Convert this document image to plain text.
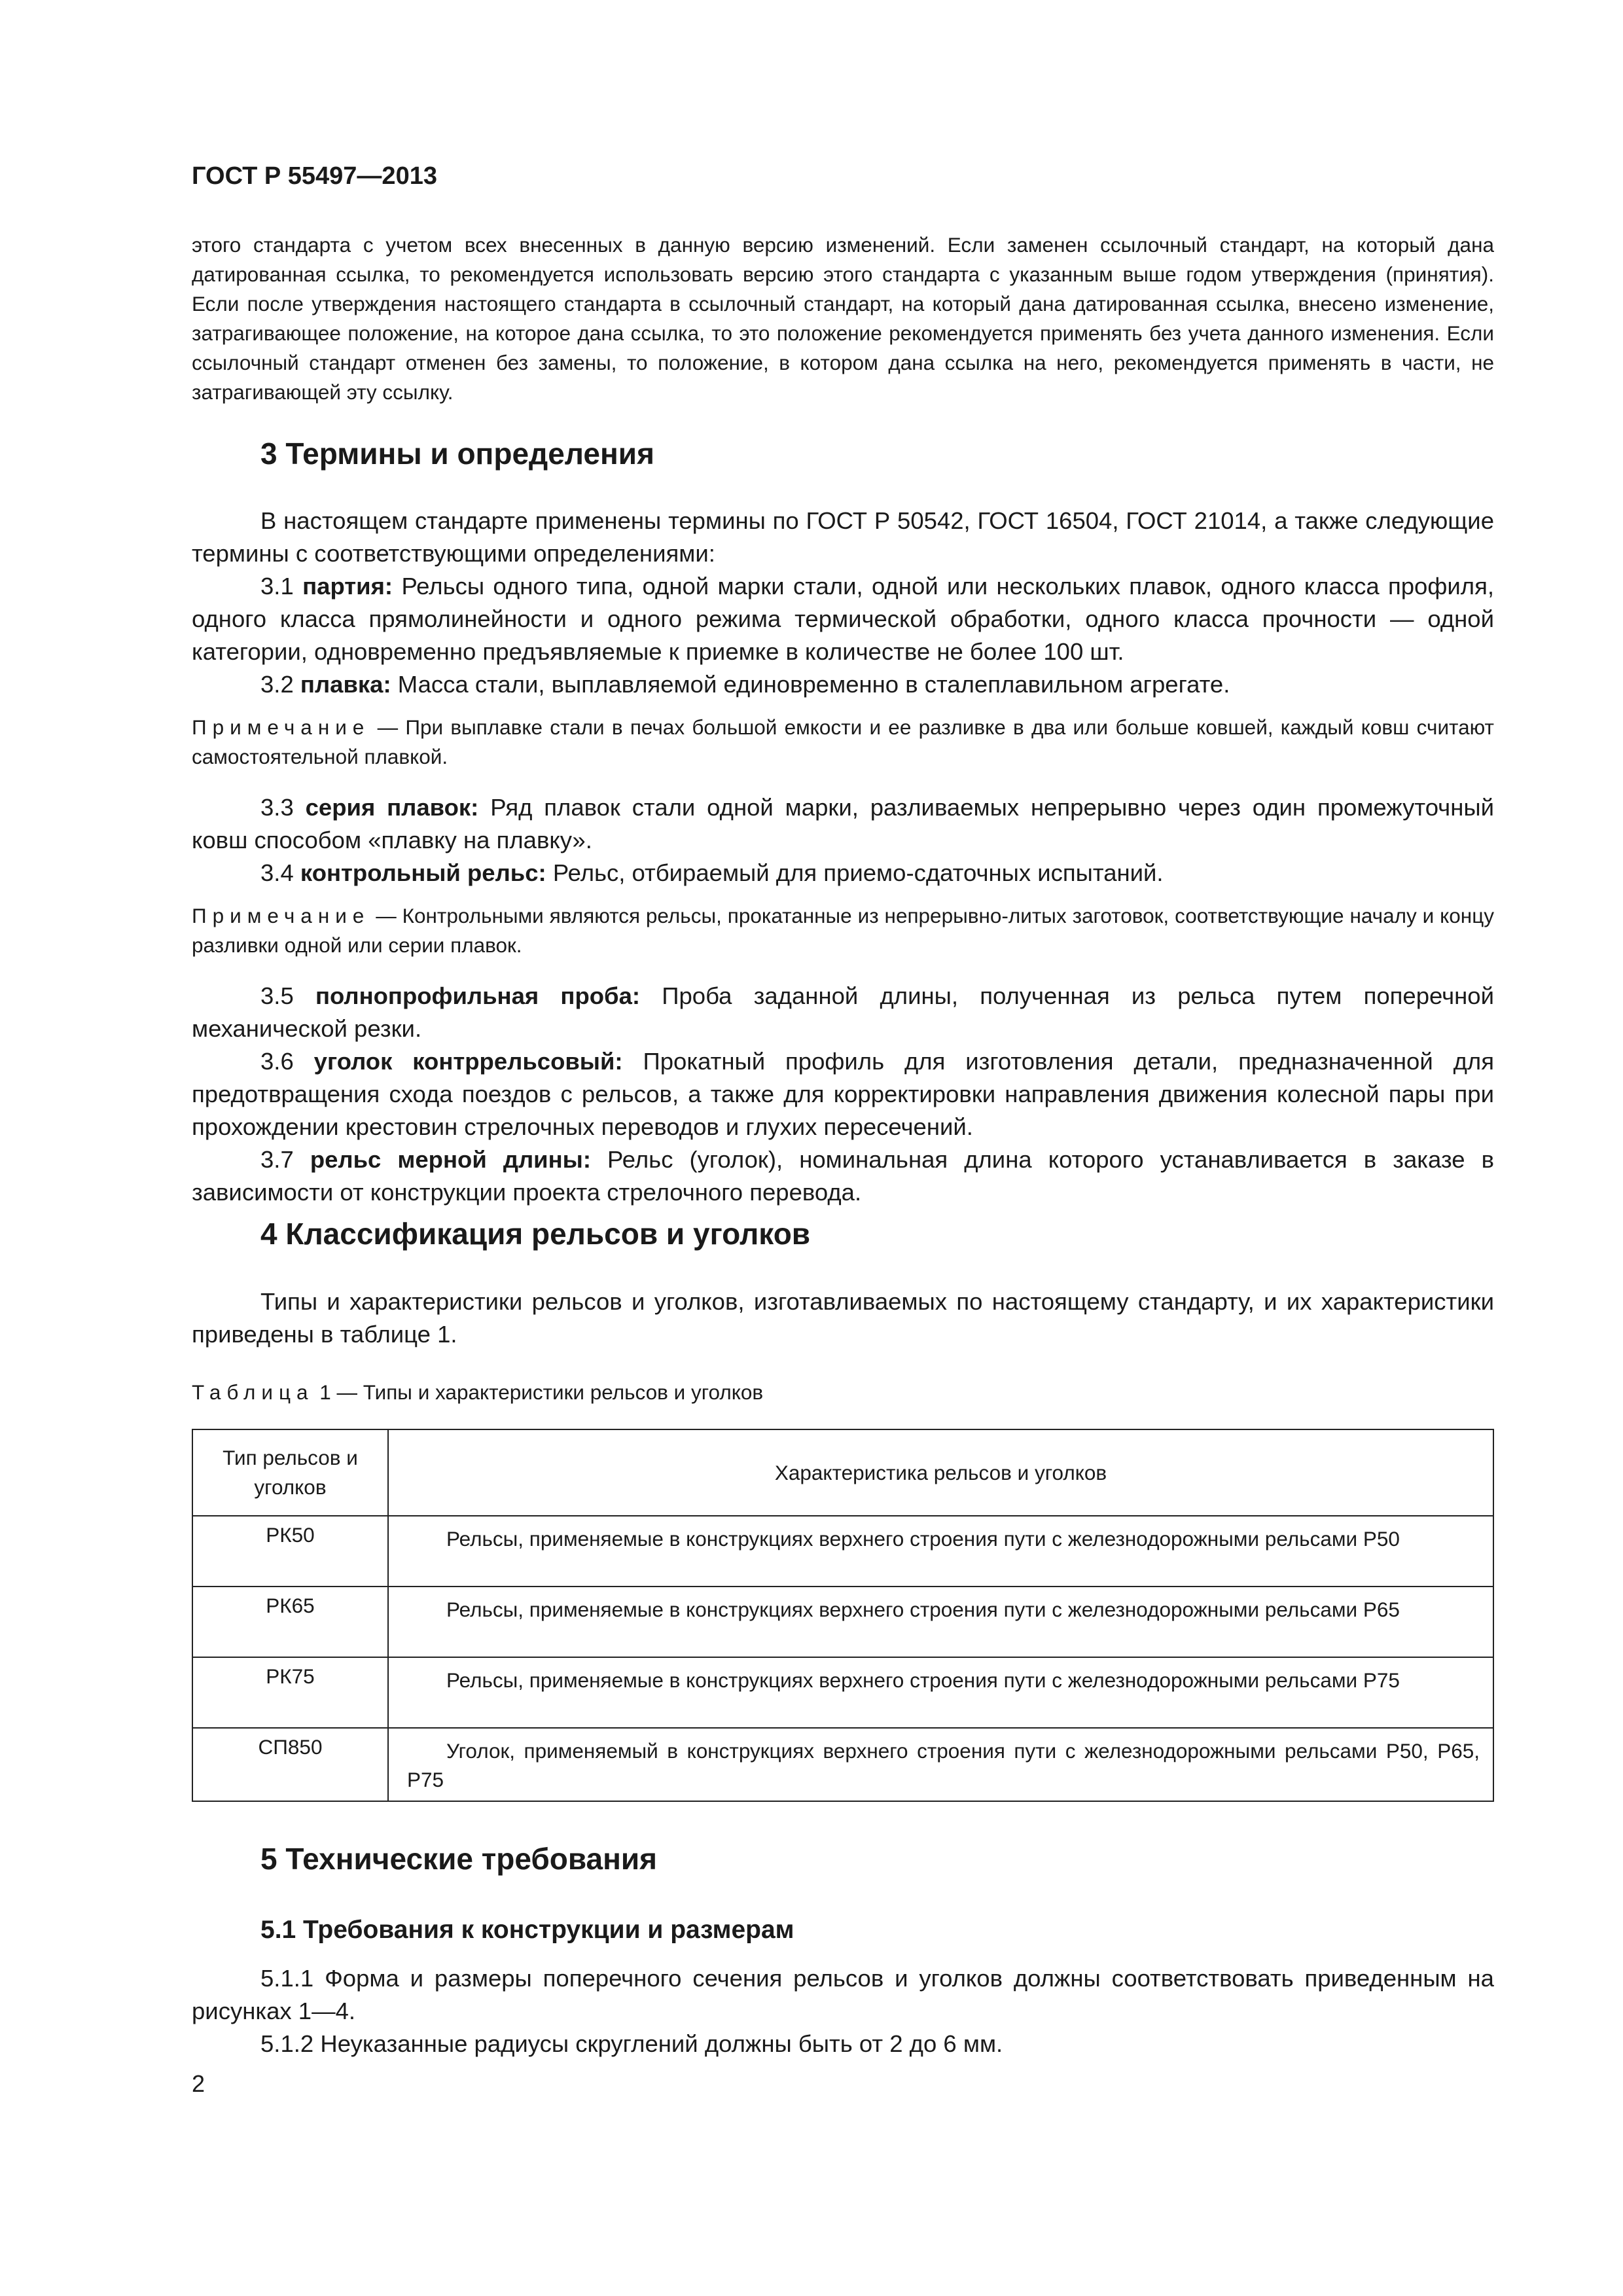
ГОСТ Р 55497—2013

этого стандарта с учетом всех внесенных в данную версию изменений. Если заменен ссылочный стандарт, на который дана датированная ссылка, то рекомендуется использовать версию этого стандарта с указанным выше годом утверждения (принятия). Если после утверждения настоящего стандарта в ссылочный стандарт, на который дана датированная ссылка, внесено изменение, затрагивающее положение, на которое дана ссылка, то это положение рекомендуется применять без учета данного изменения. Если ссылочный стандарт отменен без замены, то положение, в котором дана ссылка на него, рекомендуется применять в части, не затрагивающей эту ссылку.

3 Термины и определения

В настоящем стандарте применены термины по ГОСТ Р 50542, ГОСТ 16504, ГОСТ 21014, а также следующие термины с соответствующими определениями:

3.1 партия: Рельсы одного типа, одной марки стали, одной или нескольких плавок, одного класса профиля, одного класса прямолинейности и одного режима термической обработки, одного класса прочности — одной категории, одновременно предъявляемые к приемке в количестве не более 100 шт.

3.2 плавка: Масса стали, выплавляемой единовременно в сталеплавильном агрегате.

Примечание — При выплавке стали в печах большой емкости и ее разливке в два или больше ковшей, каждый ковш считают самостоятельной плавкой.

3.3 серия плавок: Ряд плавок стали одной марки, разливаемых непрерывно через один промежуточный ковш способом «плавку на плавку».

3.4 контрольный рельс: Рельс, отбираемый для приемо-сдаточных испытаний.

Примечание — Контрольными являются рельсы, прокатанные из непрерывно-литых заготовок, соответствующие началу и концу разливки одной или серии плавок.

3.5 полнопрофильная проба: Проба заданной длины, полученная из рельса путем поперечной механической резки.

3.6 уголок контррельсовый: Прокатный профиль для изготовления детали, предназначенной для предотвращения схода поездов с рельсов, а также для корректировки направления движения колесной пары при прохождении крестовин стрелочных переводов и глухих пересечений.

3.7 рельс мерной длины: Рельс (уголок), номинальная длина которого устанавливается в заказе в зависимости от конструкции проекта стрелочного перевода.

4 Классификация рельсов и уголков

Типы и характеристики рельсов и уголков, изготавливаемых по настоящему стандарту, и их характеристики приведены в таблице 1.

Таблица 1 — Типы и характеристики рельсов и уголков

Тип рельсов и уголков	Характеристика рельсов и уголков
РК50	Рельсы, применяемые в конструкциях верхнего строения пути с железнодорожными рельсами Р50
РК65	Рельсы, применяемые в конструкциях верхнего строения пути с железнодорожными рельсами Р65
РК75	Рельсы, применяемые в конструкциях верхнего строения пути с железнодорожными рельсами Р75
СП850	Уголок, применяемый в конструкциях верхнего строения пути с железнодорожными рельсами Р50, Р65, Р75
5 Технические требования
5.1 Требования к конструкции и размерам

5.1.1 Форма и размеры поперечного сечения рельсов и уголков должны соответствовать приведенным на рисунках 1—4.

5.1.2 Неуказанные радиусы скруглений должны быть от 2 до 6 мм.

2
